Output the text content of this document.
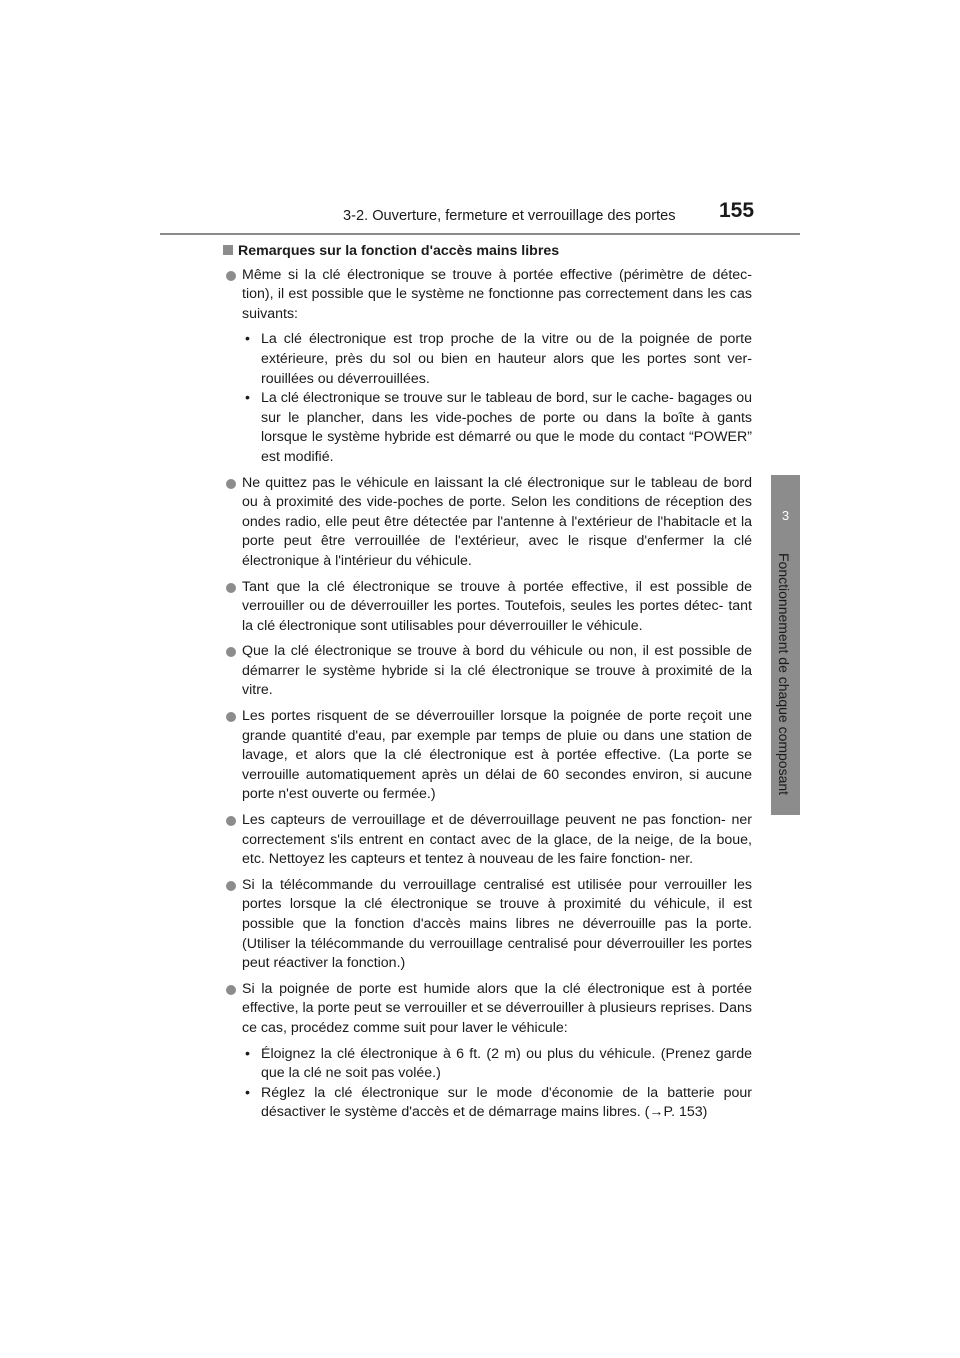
3-2. Ouverture, fermeture et verrouillage des portes 155
3
Fonctionnement de chaque composant
Remarques sur la fonction d'accès mains libres

Même si la clé électronique se trouve à portée effective (périmètre de détec- tion), il est possible que le système ne fonctionne pas correctement dans les cas suivants:

• La clé électronique est trop proche de la vitre ou de la poignée de porte extérieure, près du sol ou bien en hauteur alors que les portes sont ver- rouillées ou déverrouillées.
• La clé électronique se trouve sur le tableau de bord, sur le cache- bagages ou sur le plancher, dans les vide-poches de porte ou dans la boîte à gants lorsque le système hybride est démarré ou que le mode du contact “POWER” est modifié.

Ne quittez pas le véhicule en laissant la clé électronique sur le tableau de bord ou à proximité des vide-poches de porte. Selon les conditions de réception des ondes radio, elle peut être détectée par l'antenne à l'extérieur de l'habitacle et la porte peut être verrouillée de l'extérieur, avec le risque d'enfermer la clé électronique à l'intérieur du véhicule.

Tant que la clé électronique se trouve à portée effective, il est possible de verrouiller ou de déverrouiller les portes. Toutefois, seules les portes détec- tant la clé électronique sont utilisables pour déverrouiller le véhicule.

Que la clé électronique se trouve à bord du véhicule ou non, il est possible de démarrer le système hybride si la clé électronique se trouve à proximité de la vitre.

Les portes risquent de se déverrouiller lorsque la poignée de porte reçoit une grande quantité d'eau, par exemple par temps de pluie ou dans une station de lavage, et alors que la clé électronique est à portée effective. (La porte se verrouille automatiquement après un délai de 60 secondes environ, si aucune porte n'est ouverte ou fermée.)

Les capteurs de verrouillage et de déverrouillage peuvent ne pas fonction- ner correctement s'ils entrent en contact avec de la glace, de la neige, de la boue, etc. Nettoyez les capteurs et tentez à nouveau de les faire fonction- ner.

Si la télécommande du verrouillage centralisé est utilisée pour verrouiller les portes lorsque la clé électronique se trouve à proximité du véhicule, il est possible que la fonction d'accès mains libres ne déverrouille pas la porte. (Utiliser la télécommande du verrouillage centralisé pour déverrouiller les portes peut réactiver la fonction.)

Si la poignée de porte est humide alors que la clé électronique est à portée effective, la porte peut se verrouiller et se déverrouiller à plusieurs reprises. Dans ce cas, procédez comme suit pour laver le véhicule:

• Éloignez la clé électronique à 6 ft. (2 m) ou plus du véhicule. (Prenez garde que la clé ne soit pas volée.)
• Réglez la clé électronique sur le mode d'économie de la batterie pour désactiver le système d'accès et de démarrage mains libres. (→P. 153)
